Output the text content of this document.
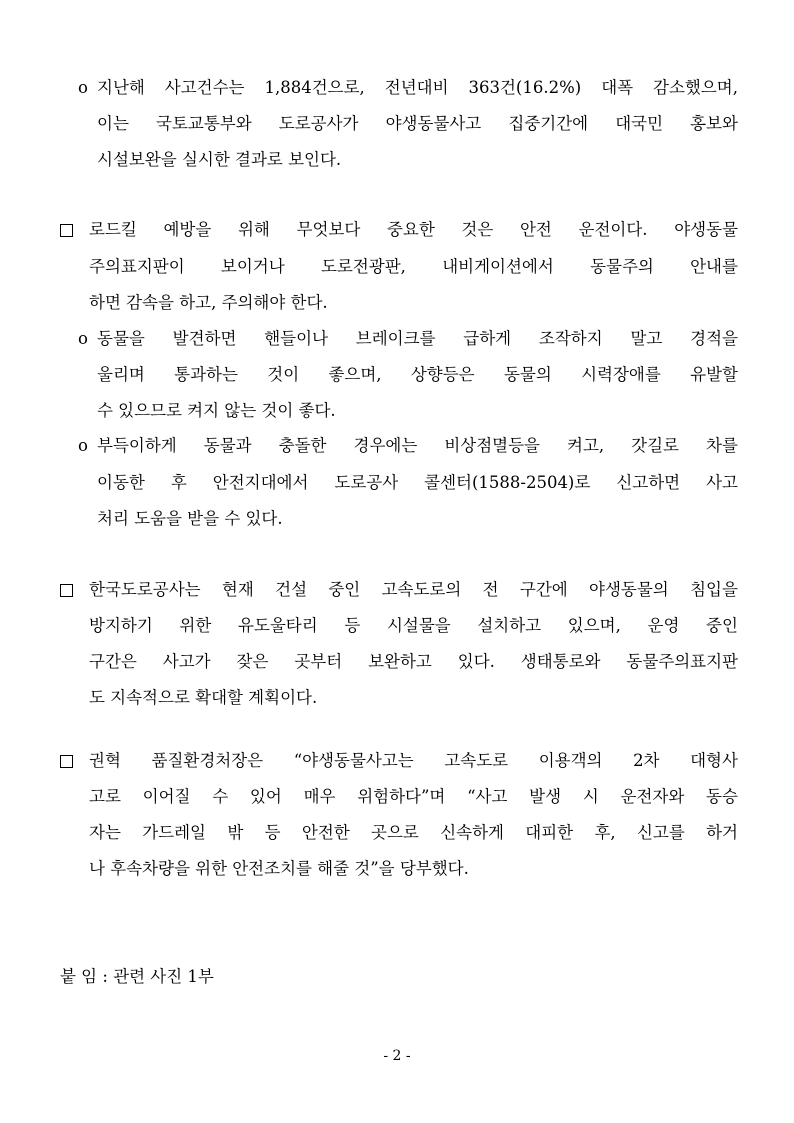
o 지난해 사고건수는 1,884건으로, 전년대비 363건(16.2%) 대폭 감소했으며,
이는 국토교통부와 도로공사가 야생동물사고 집중기간에 대국민 홍보와
시설보완을 실시한 결과로 보인다.
로드킬 예방을 위해 무엇보다 중요한 것은 안전 운전이다. 야생동물
주의표지판이 보이거나 도로전광판, 내비게이션에서 동물주의 안내를
하면 감속을 하고, 주의해야 한다.
o 동물을 발견하면 핸들이나 브레이크를 급하게 조작하지 말고 경적을
울리며 통과하는 것이 좋으며, 상향등은 동물의 시력장애를 유발할
수 있으므로 켜지 않는 것이 좋다.
o 부득이하게 동물과 충돌한 경우에는 비상점멸등을 켜고, 갓길로 차를
이동한 후 안전지대에서 도로공사 콜센터(1588-2504)로 신고하면 사고
처리 도움을 받을 수 있다.
한국도로공사는 현재 건설 중인 고속도로의 전 구간에 야생동물의 침입을
방지하기 위한 유도울타리 등 시설물을 설치하고 있으며, 운영 중인
구간은 사고가 잦은 곳부터 보완하고 있다. 생태통로와 동물주의표지판
도 지속적으로 확대할 계획이다.
권혁 품질환경처장은 “야생동물사고는 고속도로 이용객의 2차 대형사
고로 이어질 수 있어 매우 위험하다”며 “사고 발생 시 운전자와 동승
자는 가드레일 밖 등 안전한 곳으로 신속하게 대피한 후, 신고를 하거
나 후속차량을 위한 안전조치를 해줄 것”을 당부했다.
붙 임 : 관련 사진 1부
- 2 -
